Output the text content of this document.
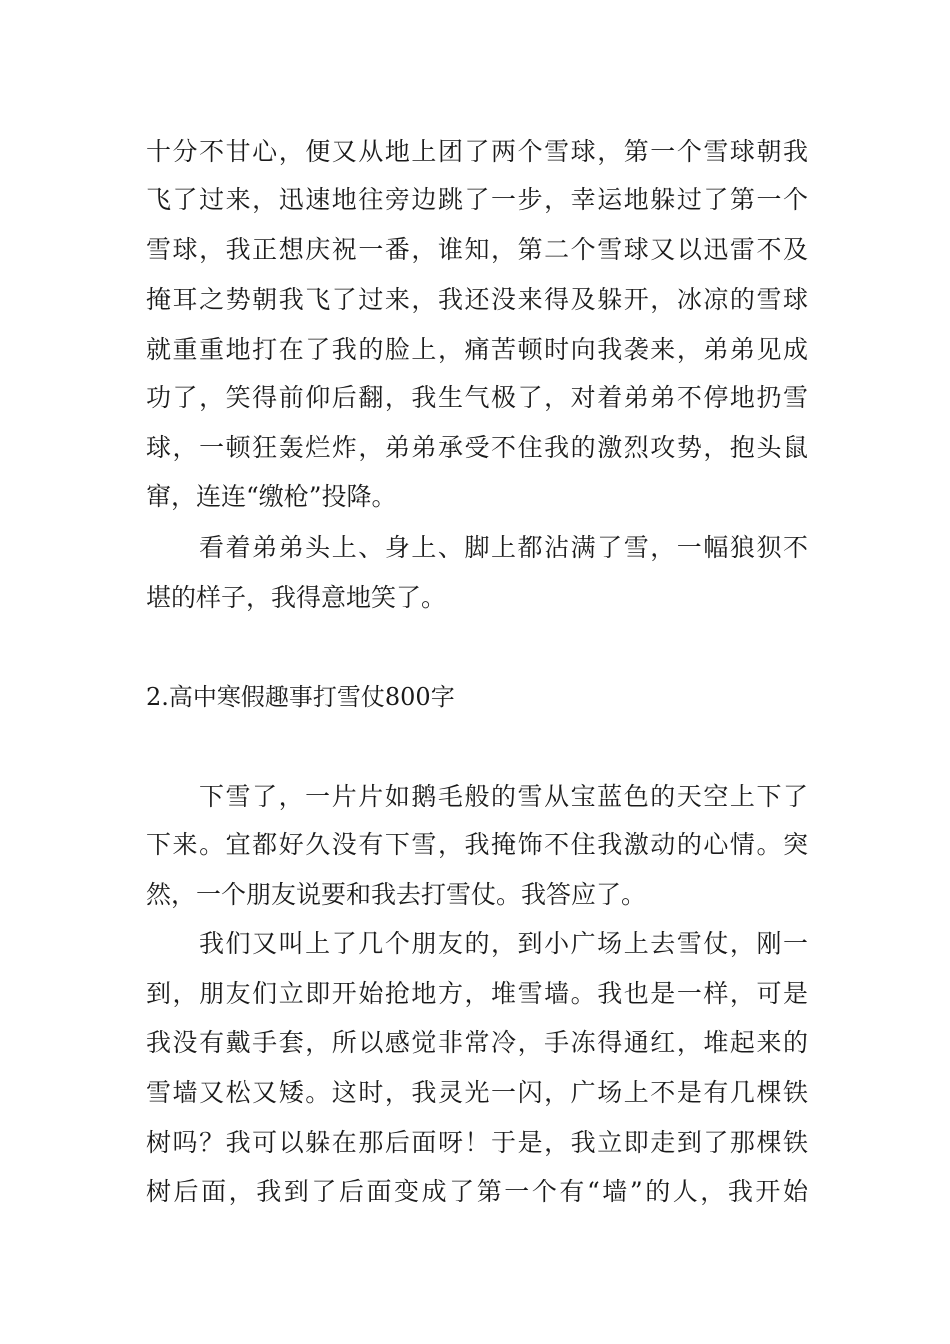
十分不甘心，便又从地上团了两个雪球，第一个雪球朝我
飞了过来，迅速地往旁边跳了一步，幸运地躲过了第一个
雪球，我正想庆祝一番，谁知，第二个雪球又以迅雷不及
掩耳之势朝我飞了过来，我还没来得及躲开，冰凉的雪球
就重重地打在了我的脸上，痛苦顿时向我袭来，弟弟见成
功了，笑得前仰后翻，我生气极了，对着弟弟不停地扔雪
球，一顿狂轰烂炸，弟弟承受不住我的激烈攻势，抱头鼠
窜，连连“缴枪”投降。
看着弟弟头上、身上、脚上都沾满了雪，一幅狼狈不
堪的样子，我得意地笑了。
2.高中寒假趣事打雪仗800字
下雪了，一片片如鹅毛般的雪从宝蓝色的天空上下了
下来。宜都好久没有下雪，我掩饰不住我激动的心情。突
然，一个朋友说要和我去打雪仗。我答应了。
我们又叫上了几个朋友的，到小广场上去雪仗，刚一
到，朋友们立即开始抢地方，堆雪墙。我也是一样，可是
我没有戴手套，所以感觉非常冷，手冻得通红，堆起来的
雪墙又松又矮。这时，我灵光一闪，广场上不是有几棵铁
树吗？我可以躲在那后面呀！于是，我立即走到了那棵铁
树后面，我到了后面变成了第一个有“墙”的人，我开始
